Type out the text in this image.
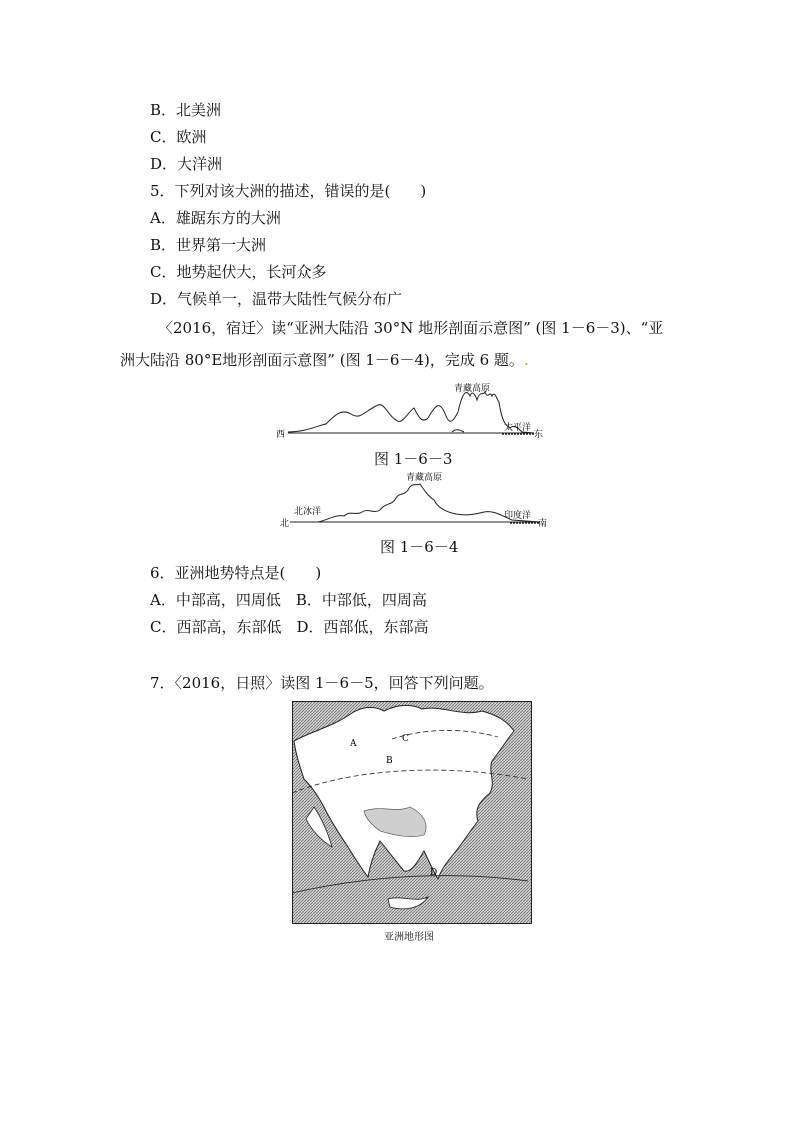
B．北美洲
C．欧洲
D．大洋洲
5．下列对该大洲的描述，错误的是(　　)
A．雄踞东方的大洲
B．世界第一大洲
C．地势起伏大，长河众多
D．气候单一，温带大陆性气候分布广
〈2016，宿迁〉读“亚洲大陆沿 30°N 地形剖面示意图” (图 1－6－3)、“亚
洲大陆沿 80°E地形剖面示意图” (图 1－6－4)，完成 6 题。.
青藏高原
西	东
太平洋
图 1－6－3
青藏高原
北冰洋
北
印度洋
南
图 1－6－4
6．亚洲地势特点是(　　)
A．中部高，四周低　B．中部低，四周高
C．西部高，东部低　D．西部低，东部高
7．〈2016，日照〉读图 1－6－5，回答下列问题。
A
B
C
D
亚洲地形图
